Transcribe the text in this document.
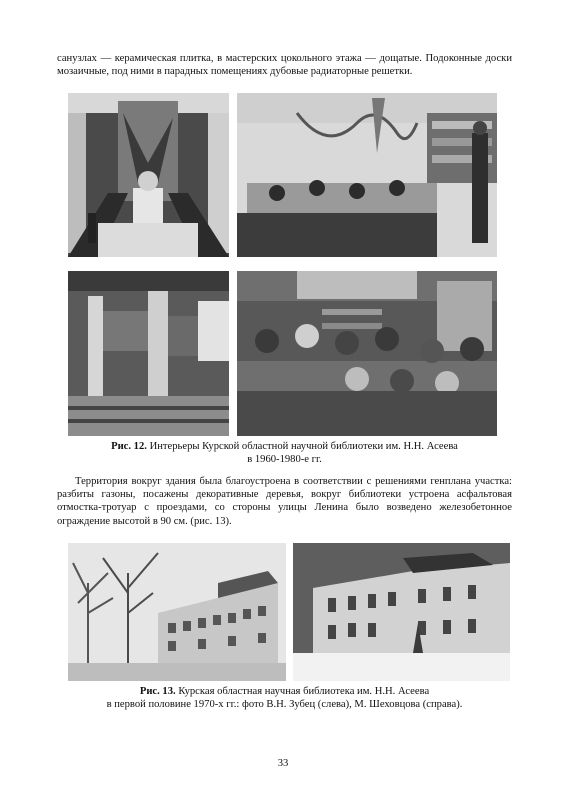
санузлах — керамическая плитка, в мастерских цокольного этажа — дощатые. Подоконные доски мозаичные, под ними в парадных помещениях дубовые радиаторные решетки.

Рис. 12. Интерьеры Курской областной научной библиотеки им. Н.Н. Асеева
в 1960-1980-е гг.

Территория вокруг здания была благоустроена в соответствии с решениями генплана участка: разбиты газоны, посажены декоративные деревья, вокруг библиотеки устроена асфальтовая отмостка-тротуар с проездами, со стороны улицы Ленина было возведено железобетонное ограждение высотой в 90 см. (рис. 13).

Рис. 13. Курская областная научная библиотека им. Н.Н. Асеева
в первой половине 1970-х гг.: фото В.Н. Зубец (слева), М. Шеховцова (справа).

33
